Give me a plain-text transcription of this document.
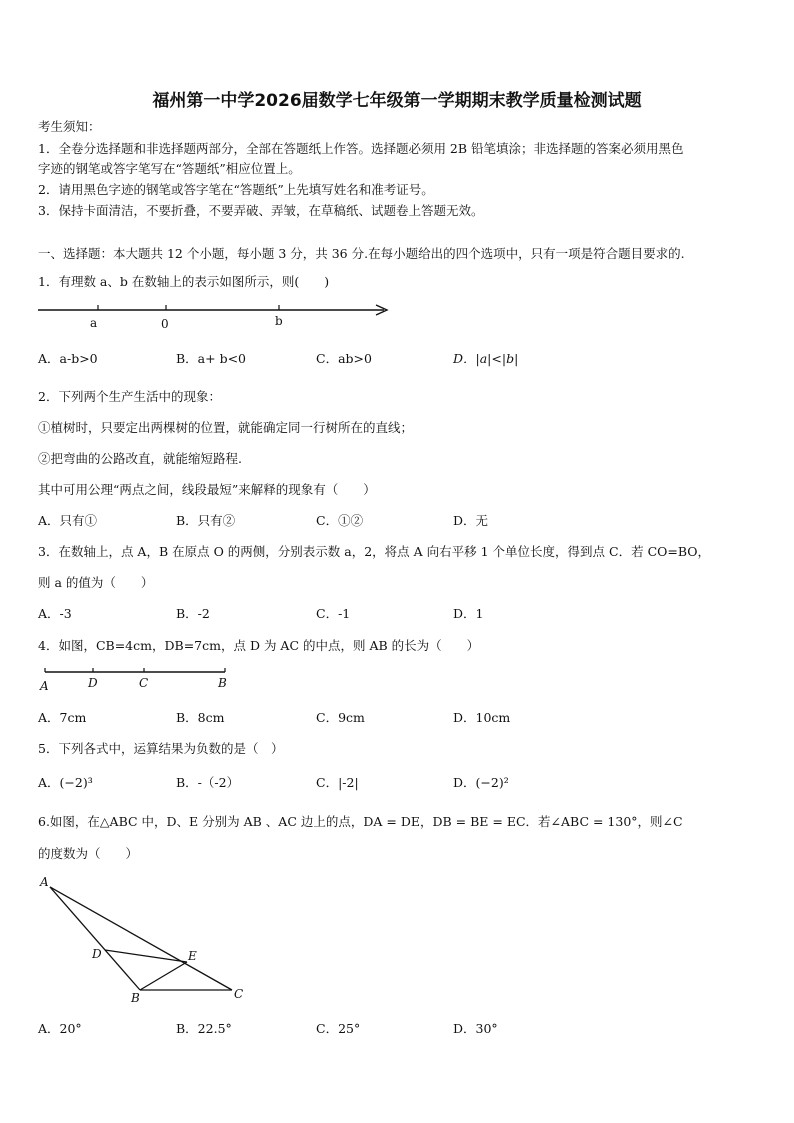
福州第一中学2026届数学七年级第一学期期末教学质量检测试题
考生须知：
1．全卷分选择题和非选择题两部分，全部在答题纸上作答。选择题必须用 2B 铅笔填涂；非选择题的答案必须用黑色
字迹的钢笔或答字笔写在“答题纸”相应位置上。
2．请用黑色字迹的钢笔或答字笔在“答题纸”上先填写姓名和准考证号。
3．保持卡面清洁，不要折叠，不要弄破、弄皱，在草稿纸、试题卷上答题无效。
一、选择题：本大题共 12 个小题，每小题 3 分，共 36 分.在每小题给出的四个选项中，只有一项是符合题目要求的.
1．有理数 a、b 在数轴上的表示如图所示，则(　　)
a	0	b
A．a-b>0	B．a+ b<0	C．ab>0	D．|a|<|b|
2．下列两个生产生活中的现象：
①植树时，只要定出两棵树的位置，就能确定同一行树所在的直线；
②把弯曲的公路改直，就能缩短路程.
其中可用公理“两点之间，线段最短”来解释的现象有（　　）
A．只有①	B．只有②	C．①②	D．无
3．在数轴上，点 A，B 在原点 O 的两侧，分别表示数 a，2，将点 A 向右平移 1 个单位长度，得到点 C．若 CO=BO，
则 a 的值为（　　）
A．-3	B．-2	C．-1	D．1
4．如图，CB=4cm，DB=7cm，点 D 为 AC 的中点，则 AB 的长为（　　）
A	D	C	B
A．7cm	B．8cm	C．9cm	D．10cm
5．下列各式中，运算结果为负数的是（　）
A．(−2)³	B．-（-2）	C．|-2|	D．(−2)²
6.如图，在△ABC 中，D、E 分别为 AB 、AC 边上的点，DA = DE，DB = BE = EC．若∠ABC = 130°，则∠C
的度数为（　　）
A
D	E
B	C
A．20°	B．22.5°	C．25°	D．30°
